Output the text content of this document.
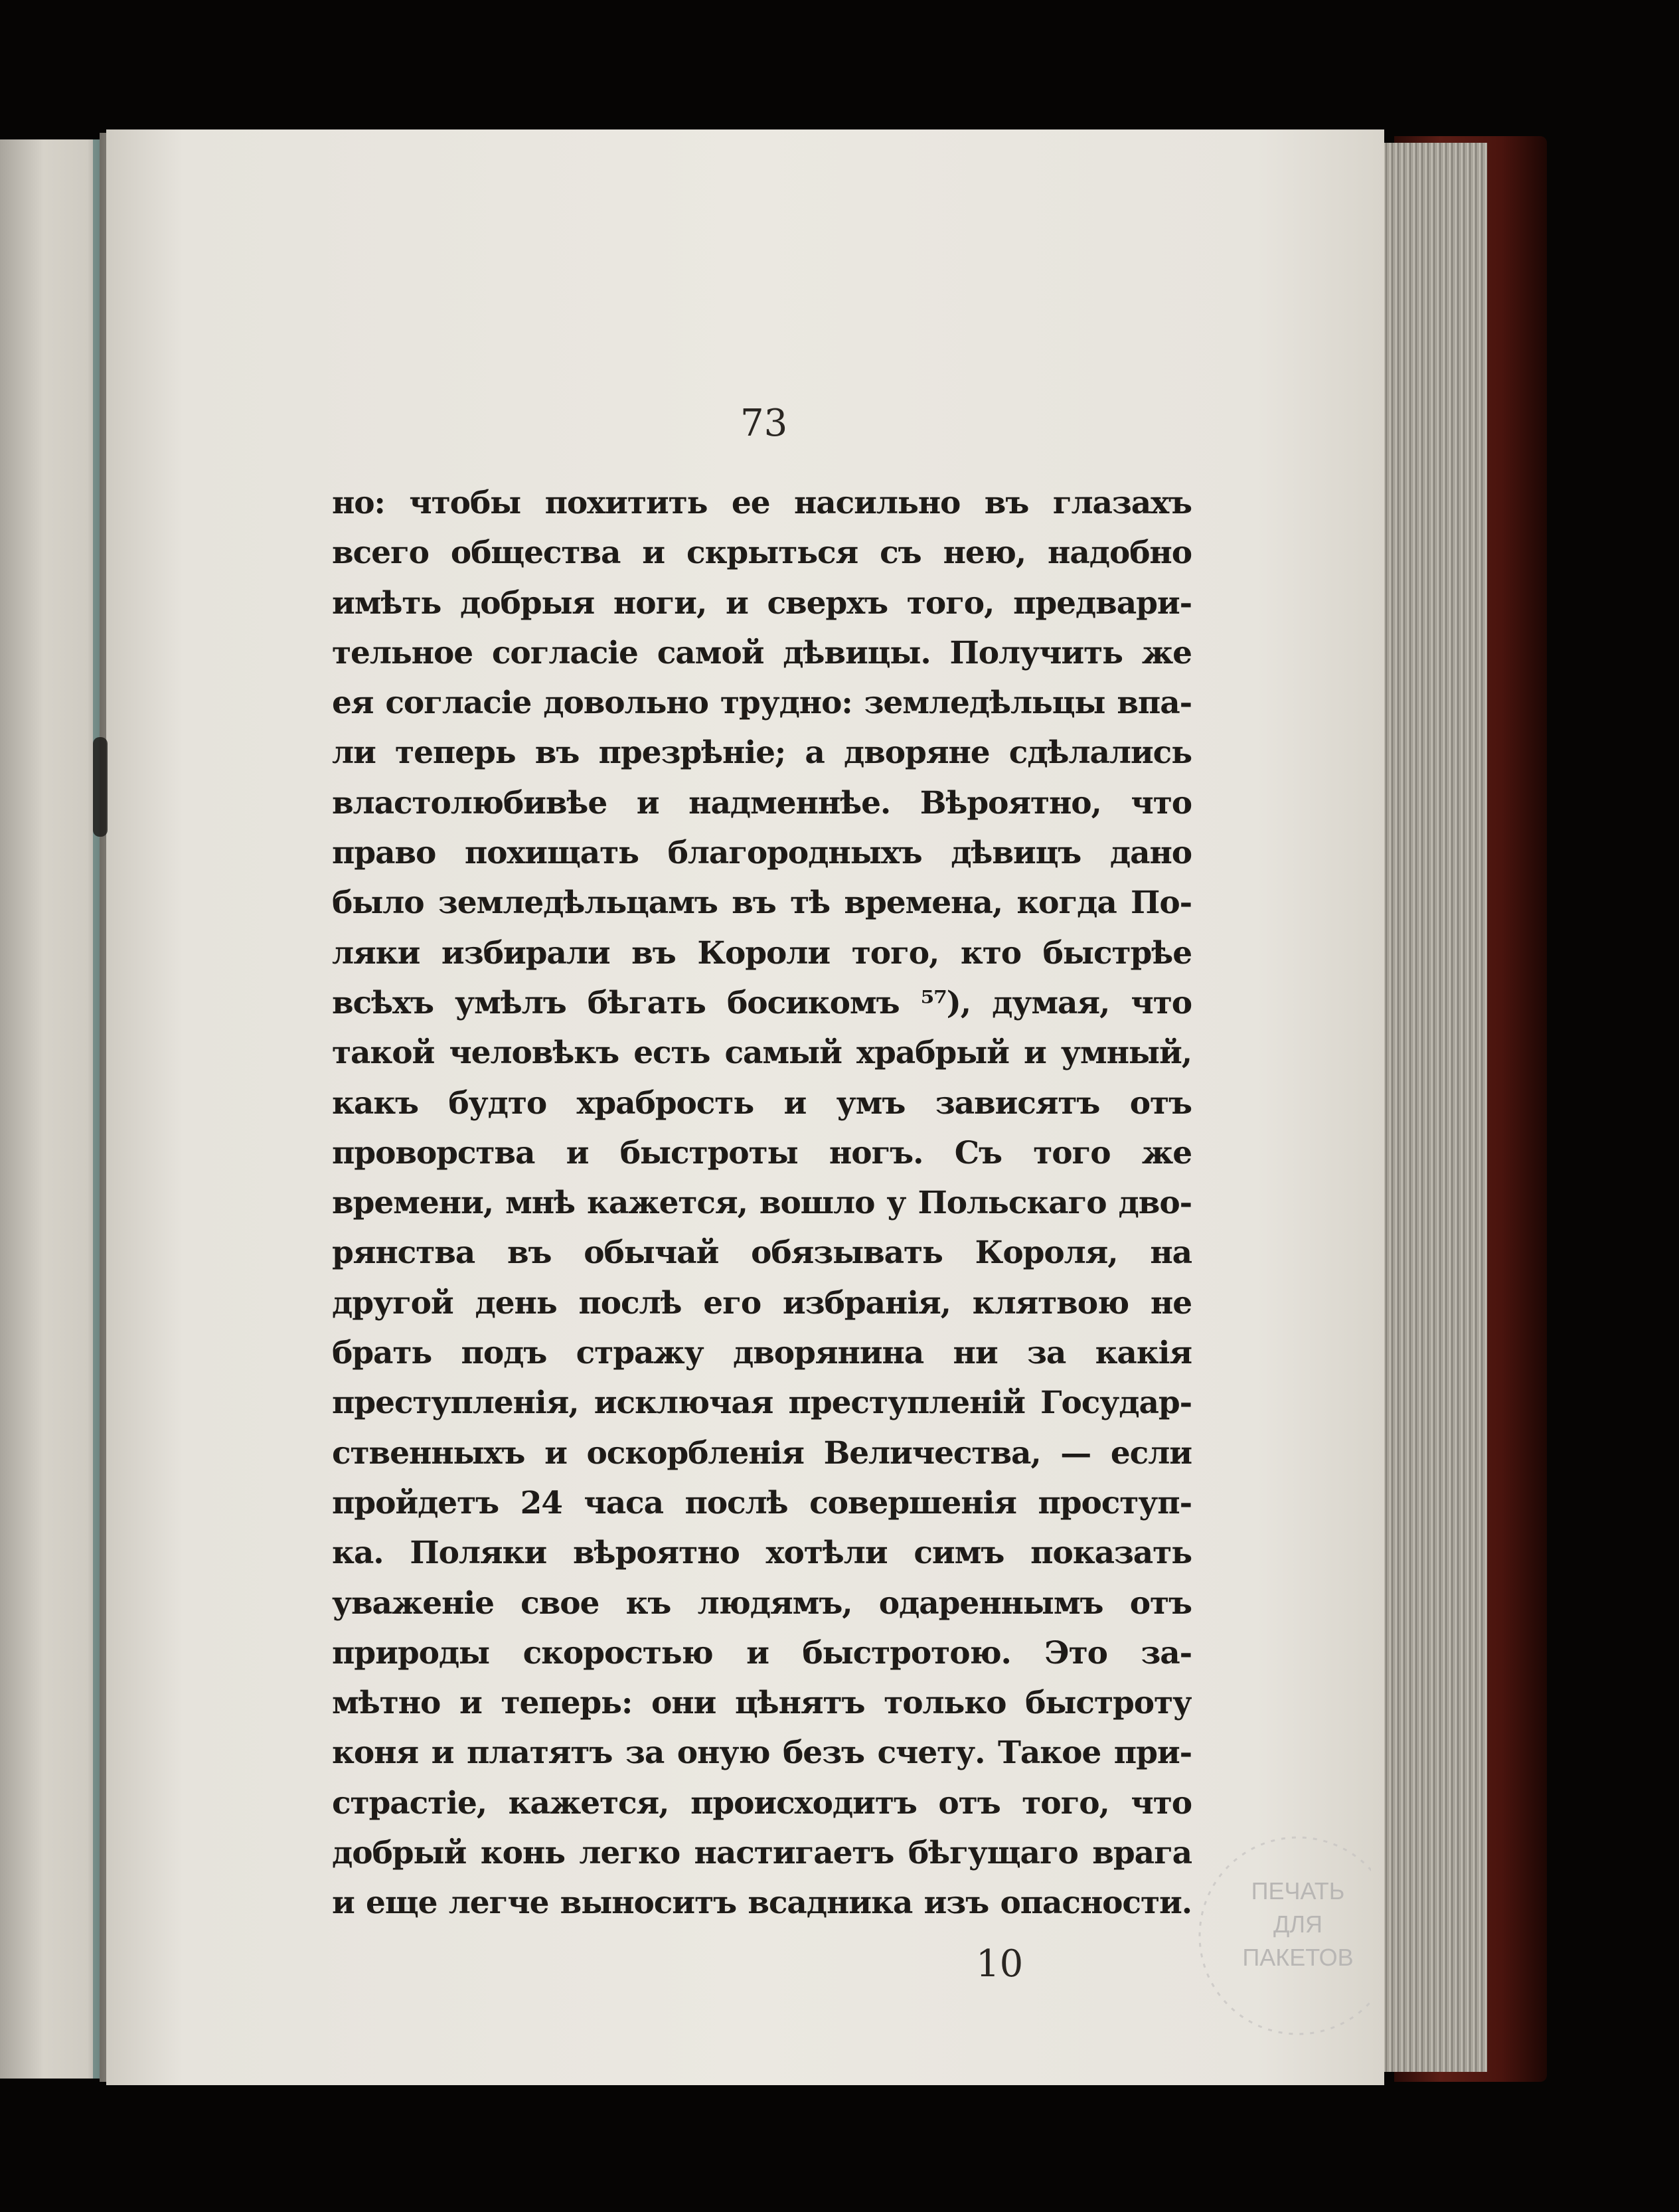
73
но: чтобы похитить ее насильно въ глазахъ
всего общества и скрыться съ нею, надобно
имѣть добрыя ноги, и сверхъ того, предвари-
тельное согласіе самой дѣвицы. Получить же
ея согласіе довольно трудно: земледѣльцы впа-
ли теперь въ презрѣніе; а дворяне сдѣлались
властолюбивѣе и надменнѣе. Вѣроятно, что
право похищать благородныхъ дѣвицъ дано
было земледѣльцамъ въ тѣ времена, когда По-
ляки избирали въ Короли того, кто быстрѣе
всѣхъ умѣлъ бѣгать босикомъ ⁵⁷), думая, что
такой человѣкъ есть самый храбрый и умный,
какъ будто храбрость и умъ зависятъ отъ
проворства и быстроты ногъ. Съ того же
времени, мнѣ кажется, вошло у Польскаго дво-
рянства въ обычай обязывать Короля, на
другой день послѣ его избранія, клятвою не
брать подъ стражу дворянина ни за какія
преступленія, исключая преступленій Государ-
ственныхъ и оскорбленія Величества, — если
пройдетъ 24 часа послѣ совершенія проступ-
ка. Поляки вѣроятно хотѣли симъ показать
уваженіе свое къ людямъ, одареннымъ отъ
природы скоростью и быстротою. Это за-
мѣтно и теперь: они цѣнятъ только быстроту
коня и платятъ за оную безъ счету. Такое при-
страстіе, кажется, происходитъ отъ того, что
добрый конь легко настигаетъ бѣгущаго врага
и еще легче выноситъ всадника изъ опасности.
10
ПЕЧАТЬ
ДЛЯ
ПАКЕТОВ
